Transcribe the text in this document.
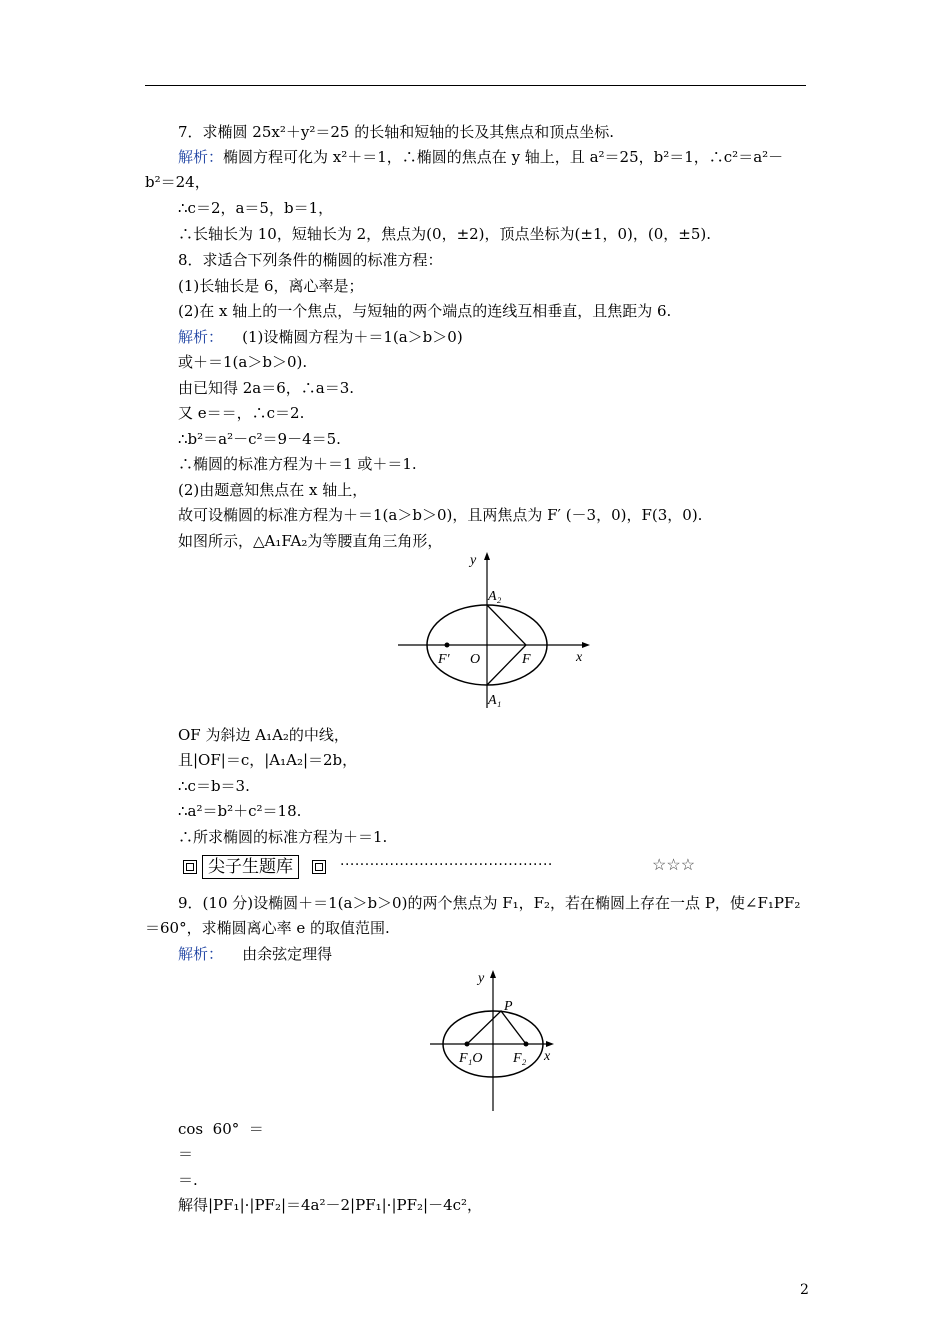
7．求椭圆 25x²＋y²＝25 的长轴和短轴的长及其焦点和顶点坐标.
解析：椭圆方程可化为 x²＋＝1，∴椭圆的焦点在 y 轴上，且 a²＝25，b²＝1，∴c²＝a²－
b²＝24，
∴c＝2，a＝5，b＝1，
∴长轴长为 10，短轴长为 2，焦点为(0，±2)，顶点坐标为(±1，0)，(0，±5).
8．求适合下列条件的椭圆的标准方程：
(1)长轴长是 6，离心率是；
(2)在 x 轴上的一个焦点，与短轴的两个端点的连线互相垂直，且焦距为 6.
解析：    (1)设椭圆方程为＋＝1(a＞b＞0)
或＋＝1(a＞b＞0).
由已知得 2a＝6，∴a＝3.
又 e＝＝，∴c＝2.
∴b²＝a²－c²＝9－4＝5.
∴椭圆的标准方程为＋＝1 或＋＝1.
(2)由题意知焦点在 x 轴上，
故可设椭圆的标准方程为＋＝1(a＞b＞0)，且两焦点为 F′ (－3，0)，F(3，0).
如图所示，△A₁FA₂为等腰直角三角形，
y
A₂
F′ O	F	x
A₁
OF 为斜边 A₁A₂的中线，
且|OF|＝c，|A₁A₂|＝2b，
∴c＝b＝3.
∴a²＝b²＋c²＝18.
∴所求椭圆的标准方程为＋＝1.
尖子生题库	···········································	☆☆☆
9．(10 分)设椭圆＋＝1(a＞b＞0)的两个焦点为 F₁，F₂，若在椭圆上存在一点 P，使∠F₁PF₂
＝60°，求椭圆离心率 e 的取值范围.
解析：    由余弦定理得
y
P
F₁O F₂ x
cos  60°  ＝
＝
＝.
解得|PF₁|·|PF₂|＝4a²－2|PF₁|·|PF₂|－4c²，
2
